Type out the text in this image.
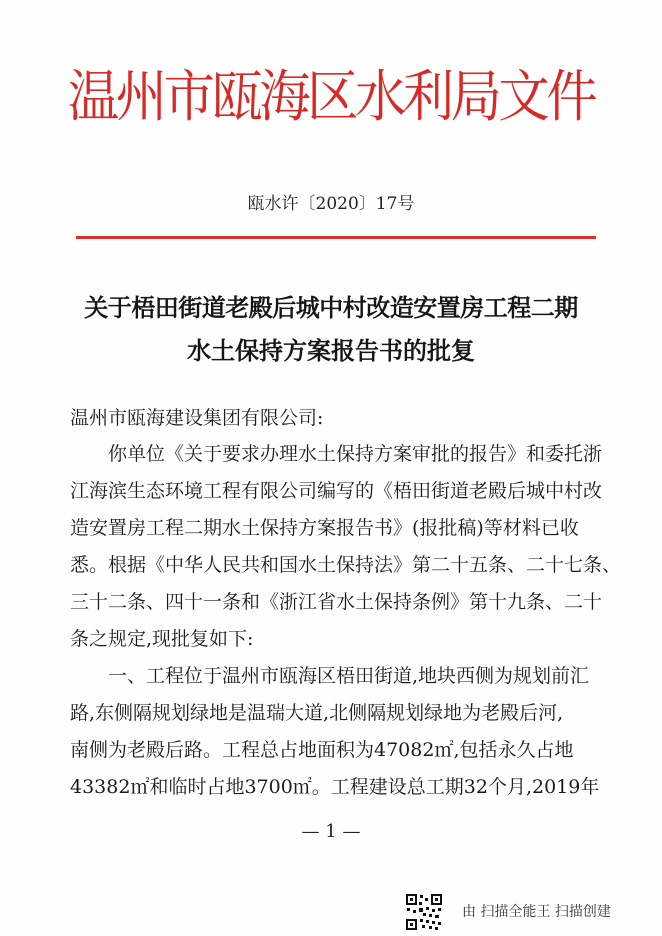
温州市瓯海区水利局文件
瓯水许〔2020〕17号
关于梧田街道老殿后城中村改造安置房工程二期
水土保持方案报告书的批复
温州市瓯海建设集团有限公司:
你单位《关于要求办理水土保持方案审批的报告》和委托浙
江海滨生态环境工程有限公司编写的《梧田街道老殿后城中村改
造安置房工程二期水土保持方案报告书》(报批稿)等材料已收
悉。根据《中华人民共和国水土保持法》第二十五条、二十七条、
三十二条、四十一条和《浙江省水土保持条例》第十九条、二十
条之规定,现批复如下:
一、工程位于温州市瓯海区梧田街道,地块西侧为规划前汇
路,东侧隔规划绿地是温瑞大道,北侧隔规划绿地为老殿后河,
南侧为老殿后路。工程总占地面积为47082㎡,包括永久占地
43382㎡和临时占地3700㎡。工程建设总工期32个月,2019年
— 1 —
由 扫描全能王 扫描创建
